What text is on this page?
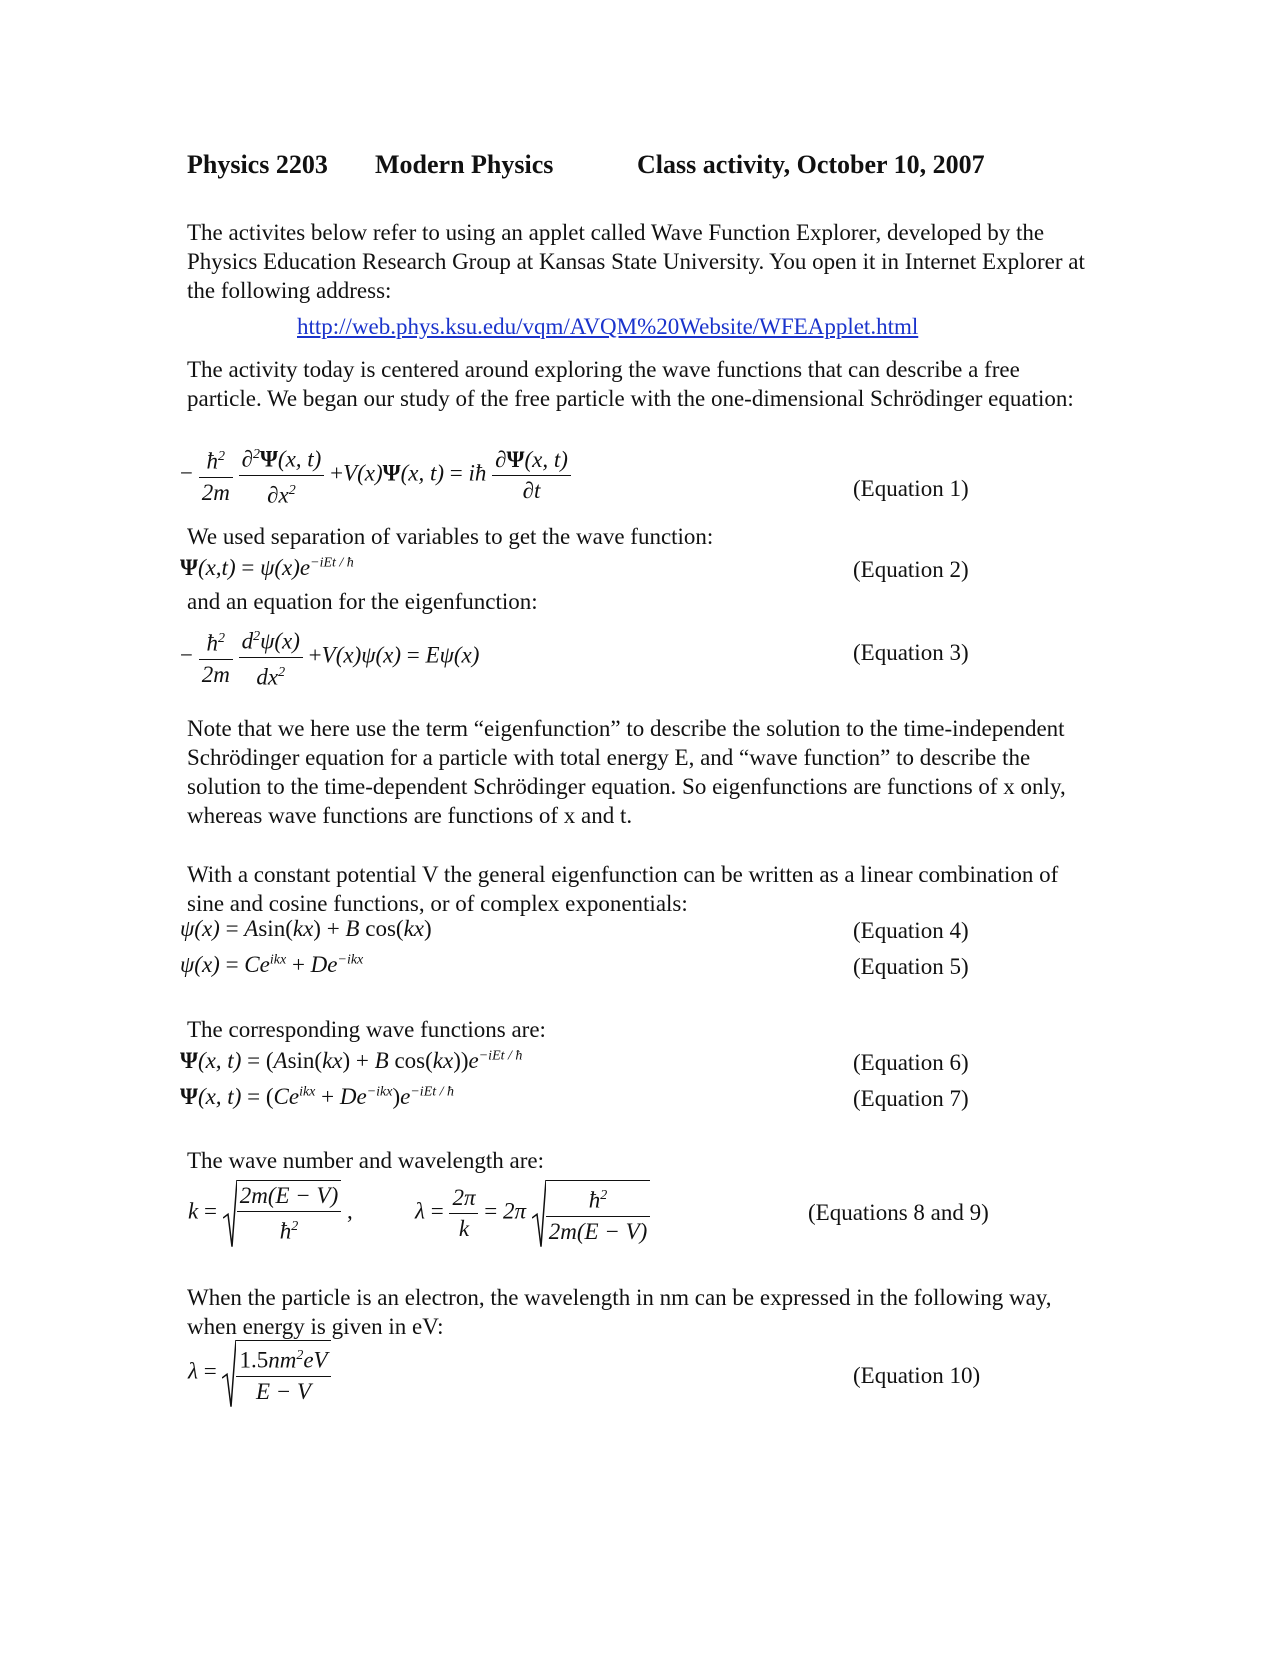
Physics 2203 Modern Physics	Class activity, October 10, 2007
The activites below refer to using an applet called Wave Function Explorer, developed by the Physics Education Research Group at Kansas State University. You open it in Internet Explorer at the following address:
http://web.phys.ksu.edu/vqm/AVQM%20Website/WFEApplet.html
The activity today is centered around exploring the wave functions that can describe a free particle. We began our study of the free particle with the one-dimensional Schrödinger equation:
− $\frac{ħ^2}{2m}$
$\frac{\partial^2\Psi(x, t)}{\partial x^2} +V(x)\Psi(x$, t) = iħ $\frac{\partial\Psi(x, t)}{\partial t}$	(Equation 1)
We used separation of variables to get the wave function:
$\Psi(x,t) = \psi(x)e^{-iEt / ħ}$	(Equation 2)
and an equation for the eigenfunction:
− $\frac{ħ^2}{2m}$
$\frac{d^2\psi(x)}{dx^2} +V(x)\psi(x) = E\psi(x)$	(Equation 3)
Note that we here use the term “eigenfunction” to describe the solution to the time-independent Schrödinger equation for a particle with total energy E, and “wave function” to describe the solution to the time-dependent Schrödinger equation. So eigenfunctions are functions of x only, whereas wave functions are functions of x and t.
With a constant potential V the general eigenfunction can be written as a linear combination of sine and cosine functions, or of complex exponentials:
ψ(x) = Asin(kx) + B cos(kx)	(Equation 4)
$\psi(x) = Ce^{ikx} + De^{-ikx}$	(Equation 5)
The corresponding wave functions are:
Ψ(x, t) = (Asin(kx) + B $\cos(kx))e^{-iEt / ħ}$	(Equation 6)
Ψ(x, $t) = (Ce^{ikx} + De^{-ikx})e^{-iEt / ħ}$	(Equation 7)
The wave number and wavelength are:
$k = \frac{2m(E - V)}{ħ^2}$ ,	$\lambda = \frac{2\pi}{k} = 2\pi \frac{ħ^2}{2m(E - V)}$	(Equations 8 and 9)
When the particle is an electron, the wavelength in nm can be expressed in the following way, when energy is given in eV:
$\lambda = \frac{1.5nm^2eV}{E - V}$	(Equation 10)
